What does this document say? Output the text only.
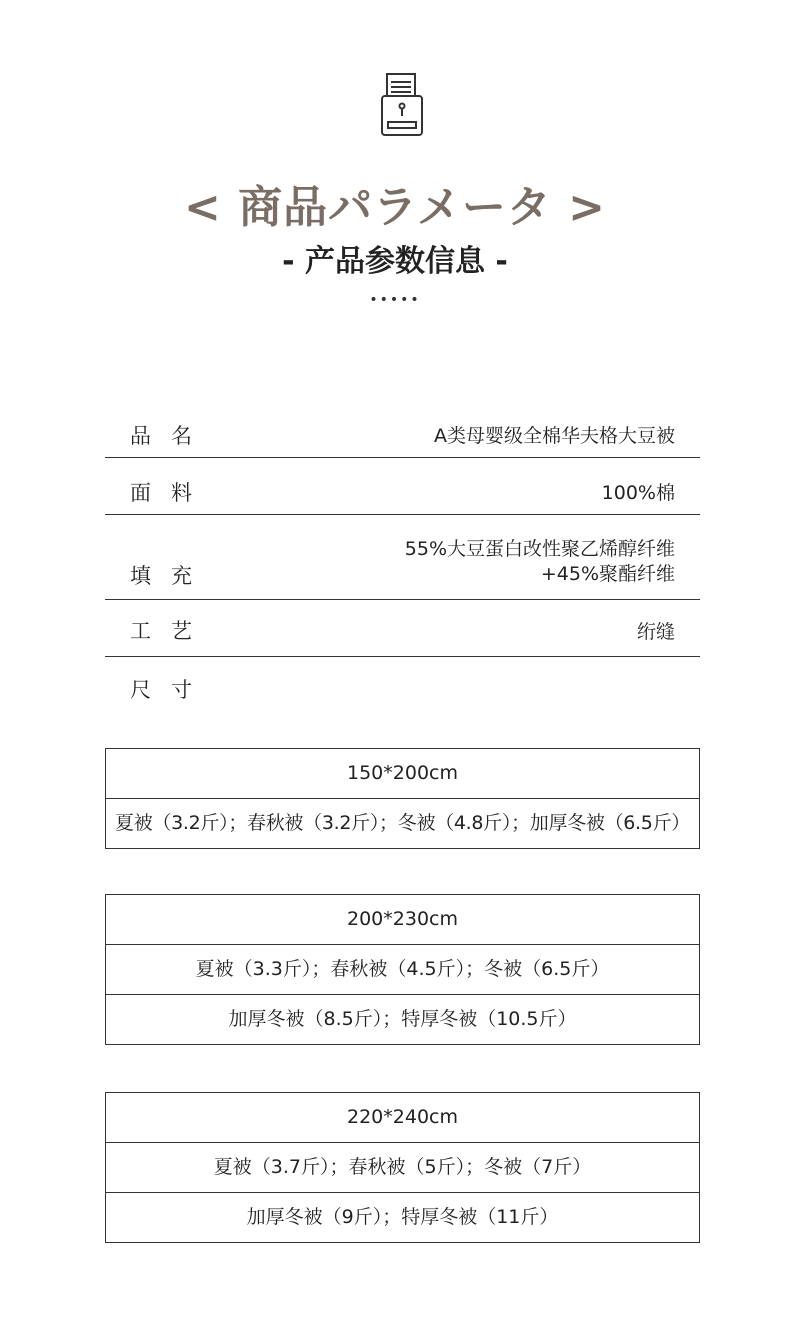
< 商品パラメータ >
- 产品参数信息 -
•••••
品名	A类母婴级全棉华夫格大豆被
面料	100%棉
填充
55%大豆蛋白改性聚乙烯醇纤维
+45%聚酯纤维
工艺	绗缝
尺寸
150*200cm
夏被（3.2斤）；春秋被（3.2斤）；冬被（4.8斤）；加厚冬被（6.5斤）
200*230cm
夏被（3.3斤）；春秋被（4.5斤）；冬被（6.5斤）
加厚冬被（8.5斤）；特厚冬被（10.5斤）
220*240cm
夏被（3.7斤）；春秋被（5斤）；冬被（7斤）
加厚冬被（9斤）；特厚冬被（11斤）
